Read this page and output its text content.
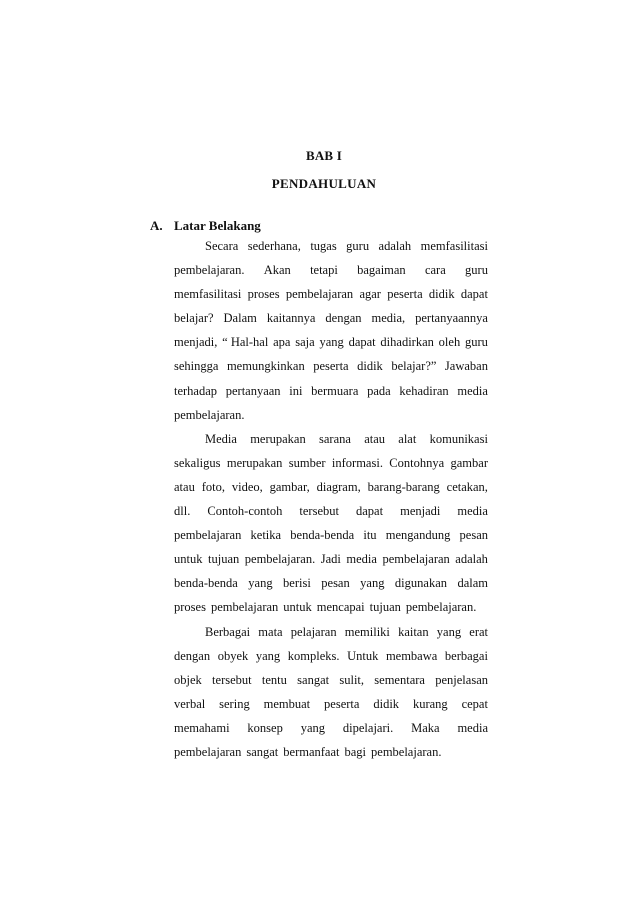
BAB I
PENDAHULUAN
A. Latar Belakang
Secara sederhana, tugas guru adalah memfasilitasi
pembelajaran. Akan tetapi bagaiman cara guru
memfasilitasi proses pembelajaran agar peserta didik dapat
belajar? Dalam kaitannya dengan media, pertanyaannya
menjadi, “ Hal-hal apa saja yang dapat dihadirkan oleh guru
sehingga memungkinkan peserta didik belajar?” Jawaban
terhadap pertanyaan ini bermuara pada kehadiran media
pembelajaran.
Media merupakan sarana atau alat komunikasi
sekaligus merupakan sumber informasi. Contohnya gambar
atau foto, video, gambar, diagram, barang-barang cetakan,
dll. Contoh-contoh tersebut dapat menjadi media
pembelajaran ketika benda-benda itu mengandung pesan
untuk tujuan pembelajaran. Jadi media pembelajaran adalah
benda-benda yang berisi pesan yang digunakan dalam
proses pembelajaran untuk mencapai tujuan pembelajaran.
Berbagai mata pelajaran memiliki kaitan yang erat
dengan obyek yang kompleks. Untuk membawa berbagai
objek tersebut tentu sangat sulit, sementara penjelasan
verbal sering membuat peserta didik kurang cepat
memahami konsep yang dipelajari. Maka media
pembelajaran sangat bermanfaat bagi pembelajaran.
